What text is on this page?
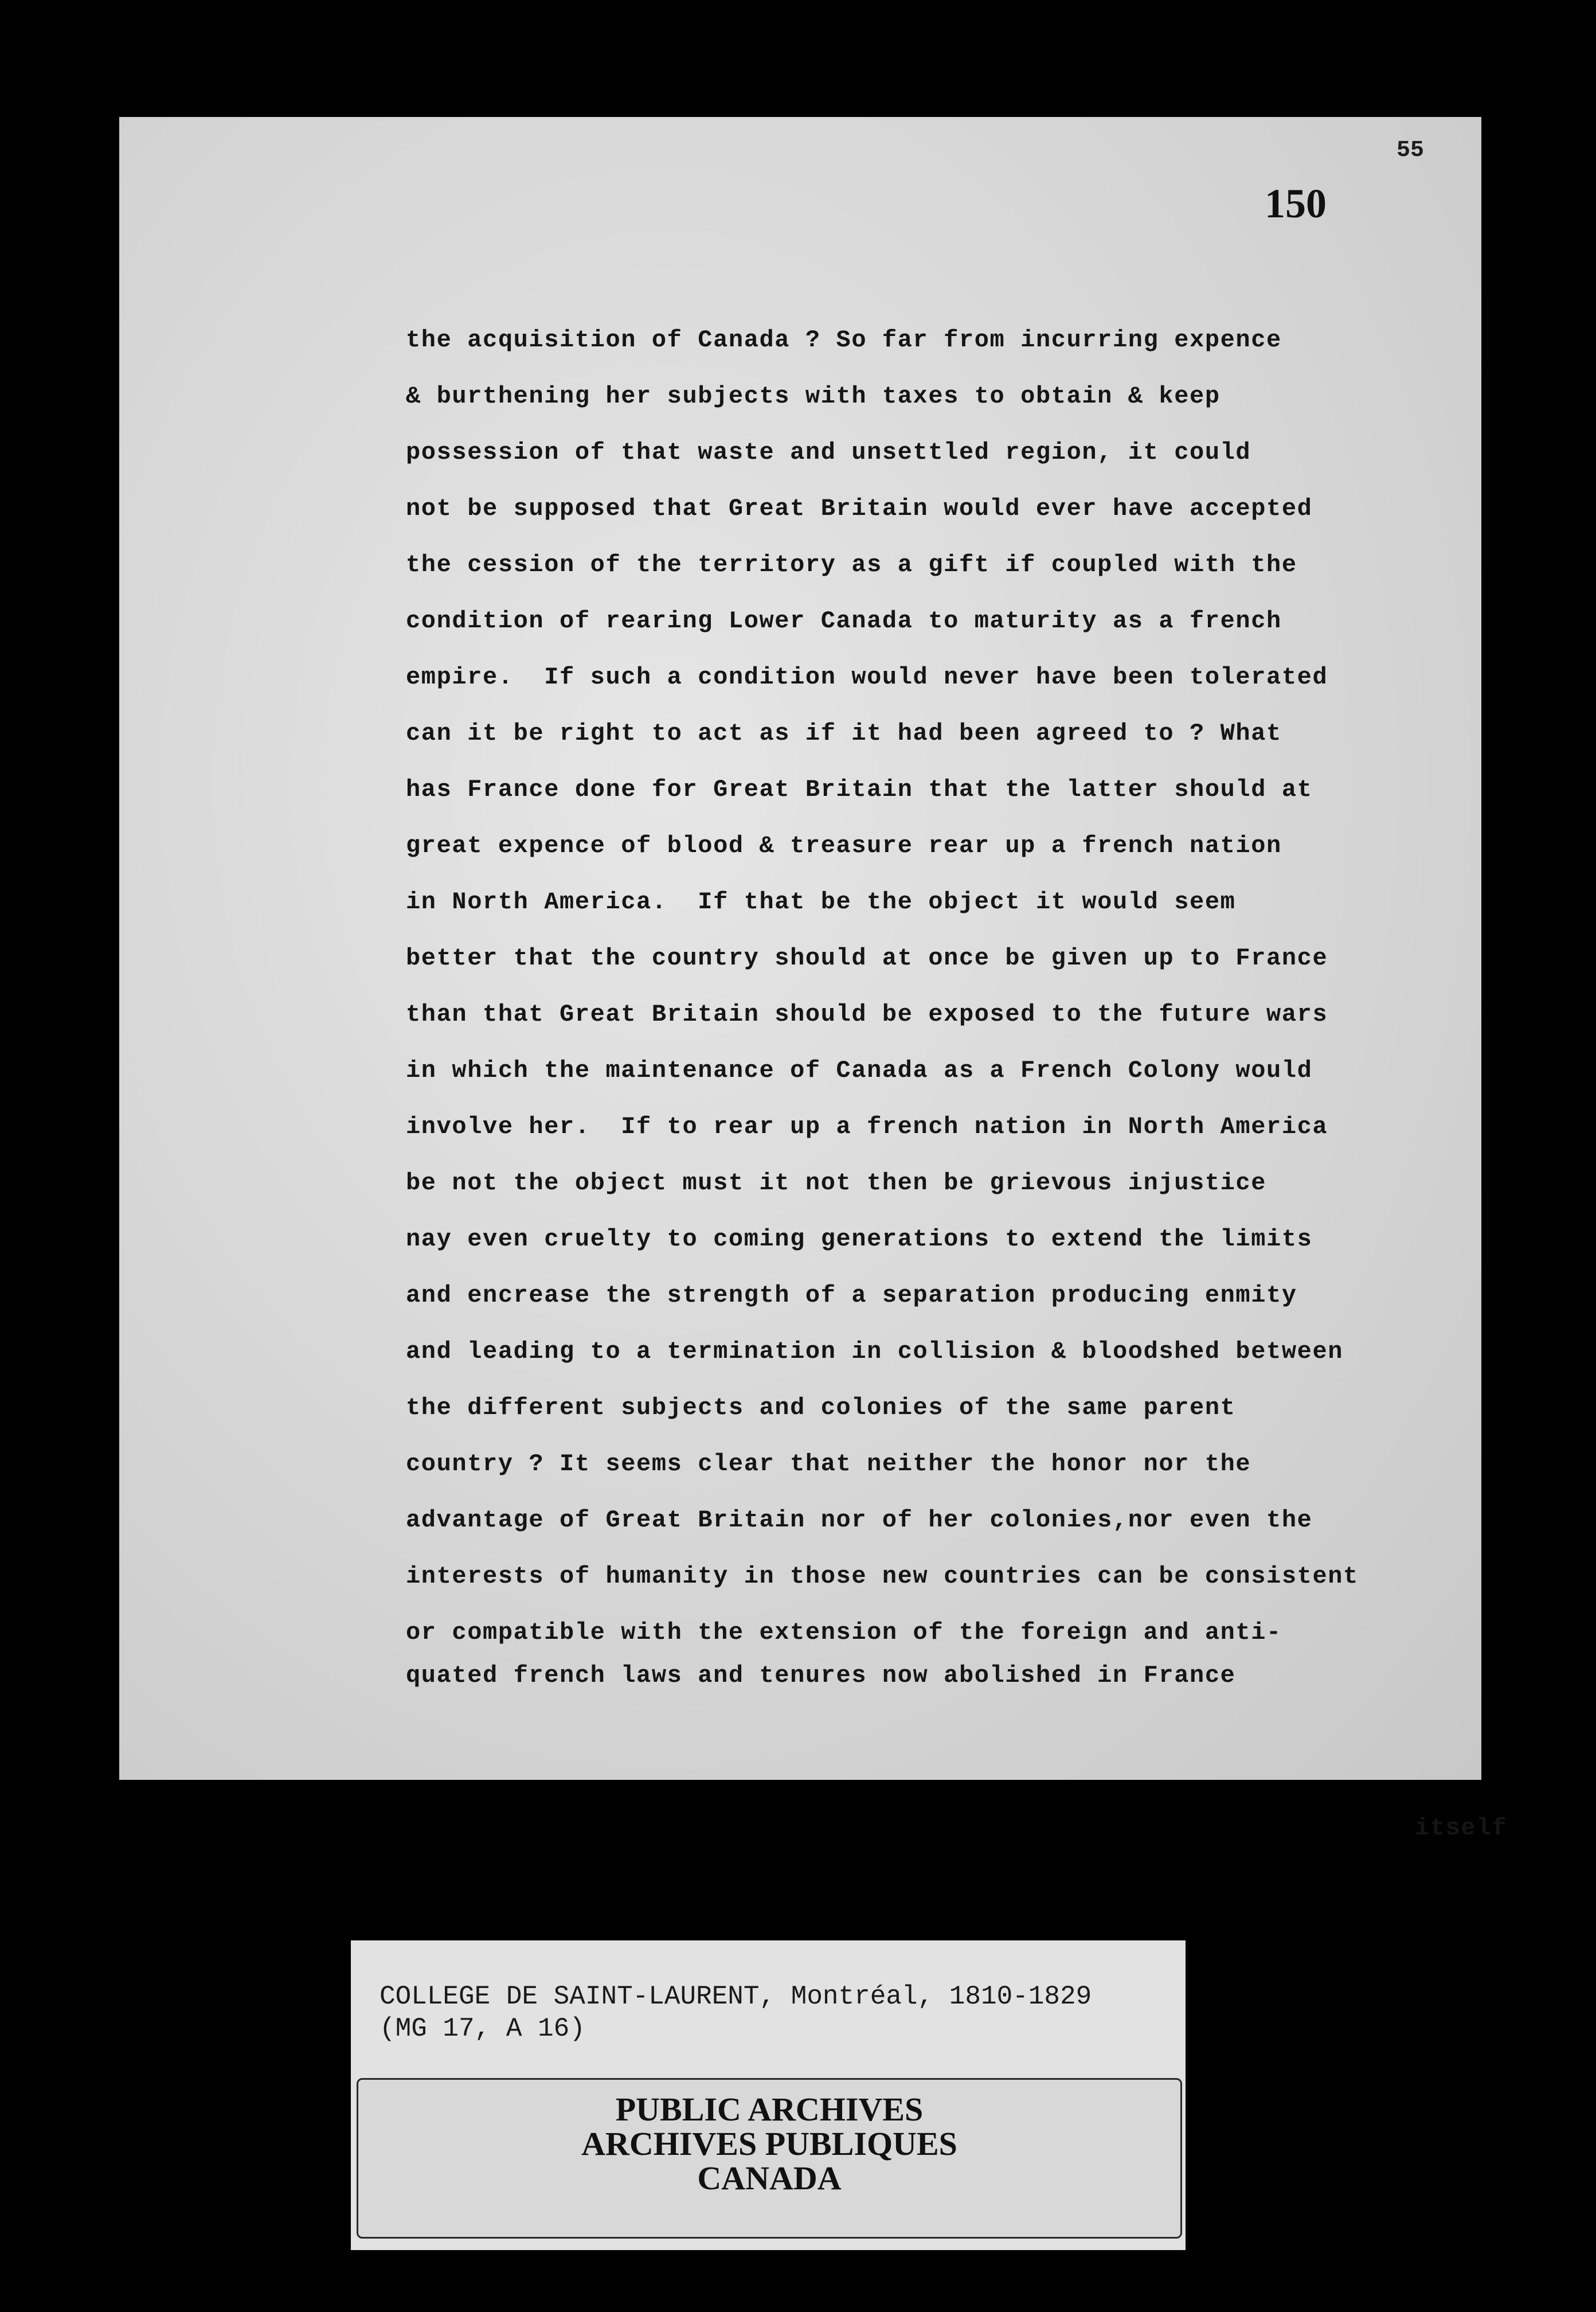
55
150
the acquisition of Canada ? So far from incurring expence
& burthening her subjects with taxes to obtain & keep
possession of that waste and unsettled region, it could
not be supposed that Great Britain would ever have accepted
the cession of the territory as a gift if coupled with the
condition of rearing Lower Canada to maturity as a french
empire.  If such a condition would never have been tolerated
can it be right to act as if it had been agreed to ? What
has France done for Great Britain that the latter should at
great expence of blood & treasure rear up a french nation
in North America.  If that be the object it would seem
better that the country should at once be given up to France
than that Great Britain should be exposed to the future wars
in which the maintenance of Canada as a French Colony would
involve her.  If to rear up a french nation in North America
be not the object must it not then be grievous injustice
nay even cruelty to coming generations to extend the limits
and encrease the strength of a separation producing enmity
and leading to a termination in collision & bloodshed between
the different subjects and colonies of the same parent
country ? It seems clear that neither the honor nor the
advantage of Great Britain nor of her colonies,nor even the
interests of humanity in those new countries can be consistent
or compatible with the extension of the foreign and anti-
quated french laws and tenures now abolished in France
itself
COLLEGE DE SAINT-LAURENT, Montréal, 1810-1829
(MG 17, A 16)
PUBLIC ARCHIVES
ARCHIVES PUBLIQUES
CANADA
